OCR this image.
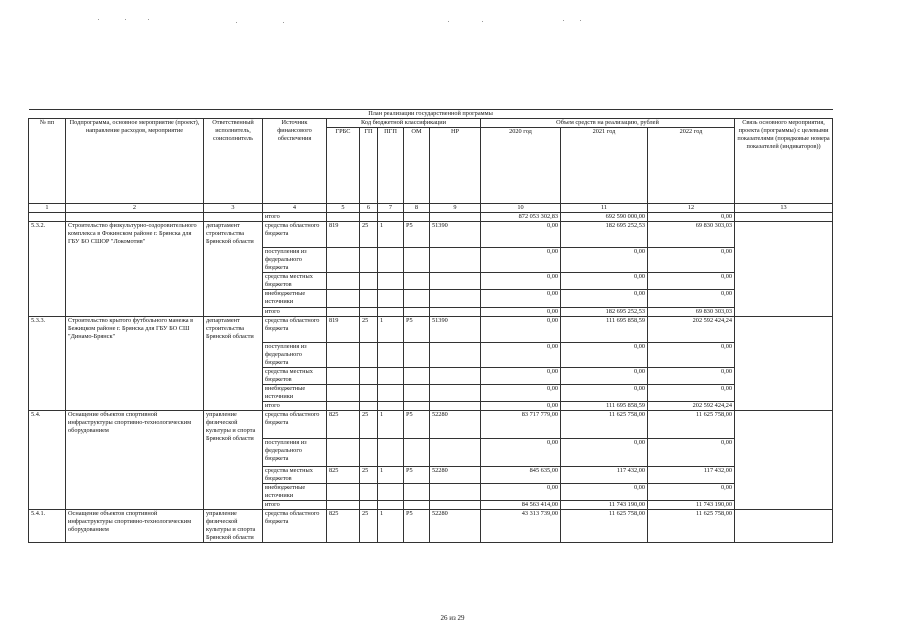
План реализации государственной программы												
№ пп	Подпрограмма, основное мероприятие (проект), направление расходов, мероприятие	Ответственный исполнитель, соисполнитель	Источник финансового обеспечения	Код бюджетной классификации					Объем средств на реализацию, рублей			Связь основного мероприятия, проекта (программы) с целевыми показателями (порядковые номера показателей (индикаторов))
				ГРБС	ГП	ПГП	ОМ	НР	2020 год	2021 год	2022 год	
1	2	3	4	5	6	7	8	9	10	11	12	13
			итого						872 053 302,83	692 590 000,00	0,00	
5.3.2.	Строительство физкультурно-оздоровительного комплекса в Фокинском районе г. Брянска для ГБУ БО СШОР "Локомотив"	департамент строительства Брянской области	средства областного бюджета	819	25	1	Р5	51390	0,00	182 695 252,53	69 830 303,03	
			поступления из федерального бюджета						0,00	0,00	0,00	
			средства местных бюджетов						0,00	0,00	0,00	
			внебюджетные источники						0,00	0,00	0,00	
			итого						0,00	182 695 252,53	69 830 303,03	
5.3.3.	Строительство крытого футбольного манежа в Бежицком районе г. Брянска для ГБУ БО СШ "Динамо-Брянск"	департамент строительства Брянской области	средства областного бюджета	819	25	1	Р5	51390	0,00	111 695 858,59	202 592 424,24	
			поступления из федерального бюджета						0,00	0,00	0,00	
			средства местных бюджетов						0,00	0,00	0,00	
			внебюджетные источники						0,00	0,00	0,00	
			итого						0,00	111 695 858,59	202 592 424,24	
5.4.	Оснащение объектов спортивной инфраструктуры спортивно-технологическим оборудованием	управление физической культуры и спорта Брянской области	средства областного бюджета	825	25	1	Р5	52280	83 717 779,00	11 625 758,00	11 625 758,00	
			поступления из федерального бюджета						0,00	0,00	0,00	
			средства местных бюджетов	825	25	1	Р5	52280	845 635,00	117 432,00	117 432,00	
			внебюджетные источники						0,00	0,00	0,00	
			итого						84 563 414,00	11 743 190,00	11 743 190,00	
5.4.1.	Оснащение объектов спортивной инфраструктуры спортивно-технологическим оборудованием	управление физической культуры и спорта Брянской области	средства областного бюджета	825	25	1	Р5	52280	43 313 739,00	11 625 758,00	11 625 758,00	
26 из 29
